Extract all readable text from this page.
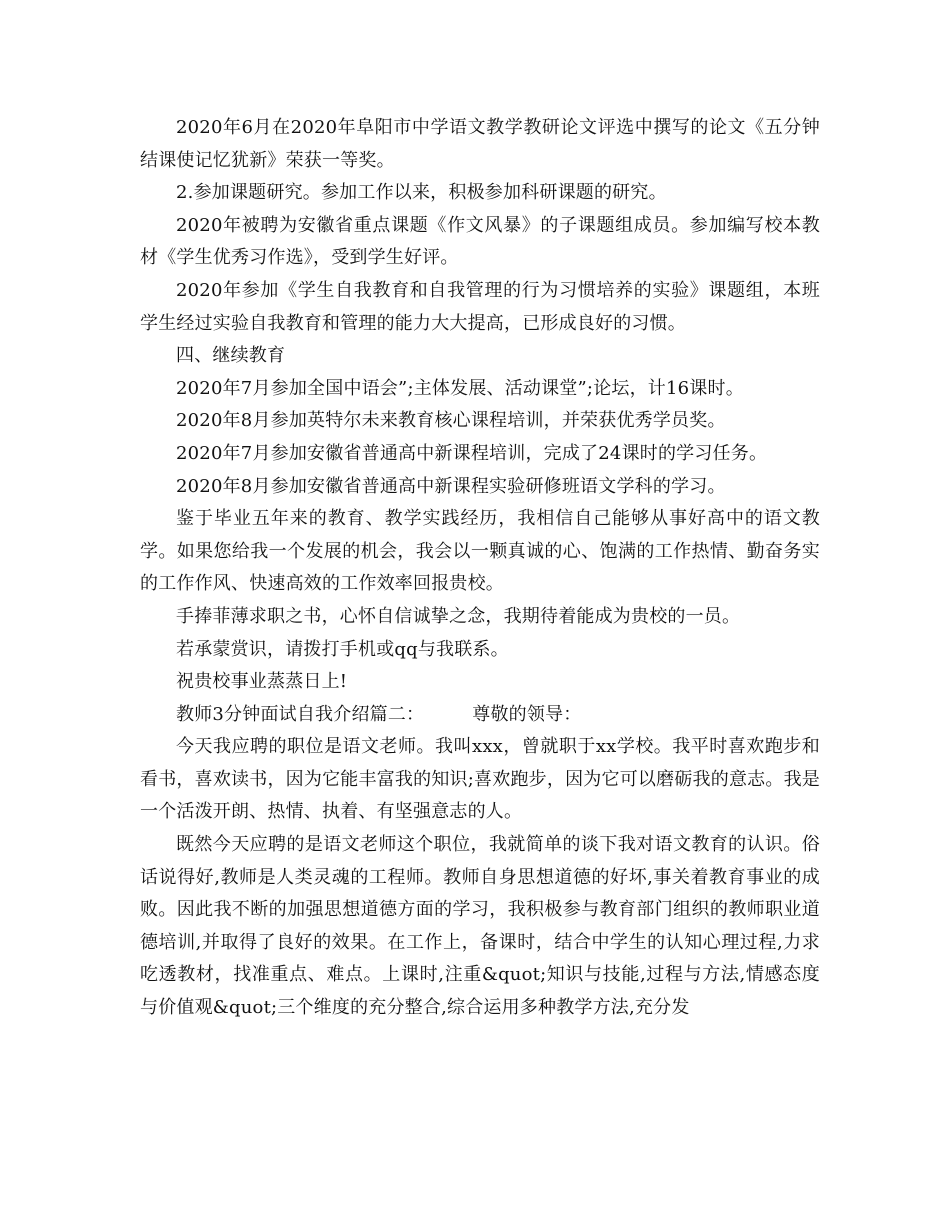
2020年6月在2020年阜阳市中学语文教学教研论文评选中撰写的论文《五分钟结课使记忆犹新》荣获一等奖。

2.参加课题研究。参加工作以来，积极参加科研课题的研究。

2020年被聘为安徽省重点课题《作文风暴》的子课题组成员。参加编写校本教材《学生优秀习作选》，受到学生好评。

2020年参加《学生自我教育和自我管理的行为习惯培养的实验》课题组，本班学生经过实验自我教育和管理的能力大大提高，已形成良好的习惯。

四、继续教育

2020年7月参加全国中语会”;主体发展、活动课堂”;论坛，计16课时。

2020年8月参加英特尔未来教育核心课程培训，并荣获优秀学员奖。

2020年7月参加安徽省普通高中新课程培训，完成了24课时的学习任务。

2020年8月参加安徽省普通高中新课程实验研修班语文学科的学习。

鉴于毕业五年来的教育、教学实践经历，我相信自己能够从事好高中的语文教学。如果您给我一个发展的机会，我会以一颗真诚的心、饱满的工作热情、勤奋务实的工作作风、快速高效的工作效率回报贵校。

手捧菲薄求职之书，心怀自信诚挚之念，我期待着能成为贵校的一员。

若承蒙赏识，请拨打手机或qq与我联系。

祝贵校事业蒸蒸日上!

教师3分钟面试自我介绍篇二：	尊敬的领导：

今天我应聘的职位是语文老师。我叫xxx，曾就职于xx学校。我平时喜欢跑步和看书，喜欢读书，因为它能丰富我的知识;喜欢跑步，因为它可以磨砺我的意志。我是一个活泼开朗、热情、执着、有坚强意志的人。

既然今天应聘的是语文老师这个职位，我就简单的谈下我对语文教育的认识。俗话说得好,教师是人类灵魂的工程师。教师自身思想道德的好坏,事关着教育事业的成败。因此我不断的加强思想道德方面的学习，我积极参与教育部门组织的教师职业道德培训,并取得了良好的效果。在工作上，备课时，结合中学生的认知心理过程,力求吃透教材，找准重点、难点。上课时,注重&quot;知识与技能,过程与方法,情感态度与价值观&quot;三个维度的充分整合,综合运用多种教学方法,充分发
